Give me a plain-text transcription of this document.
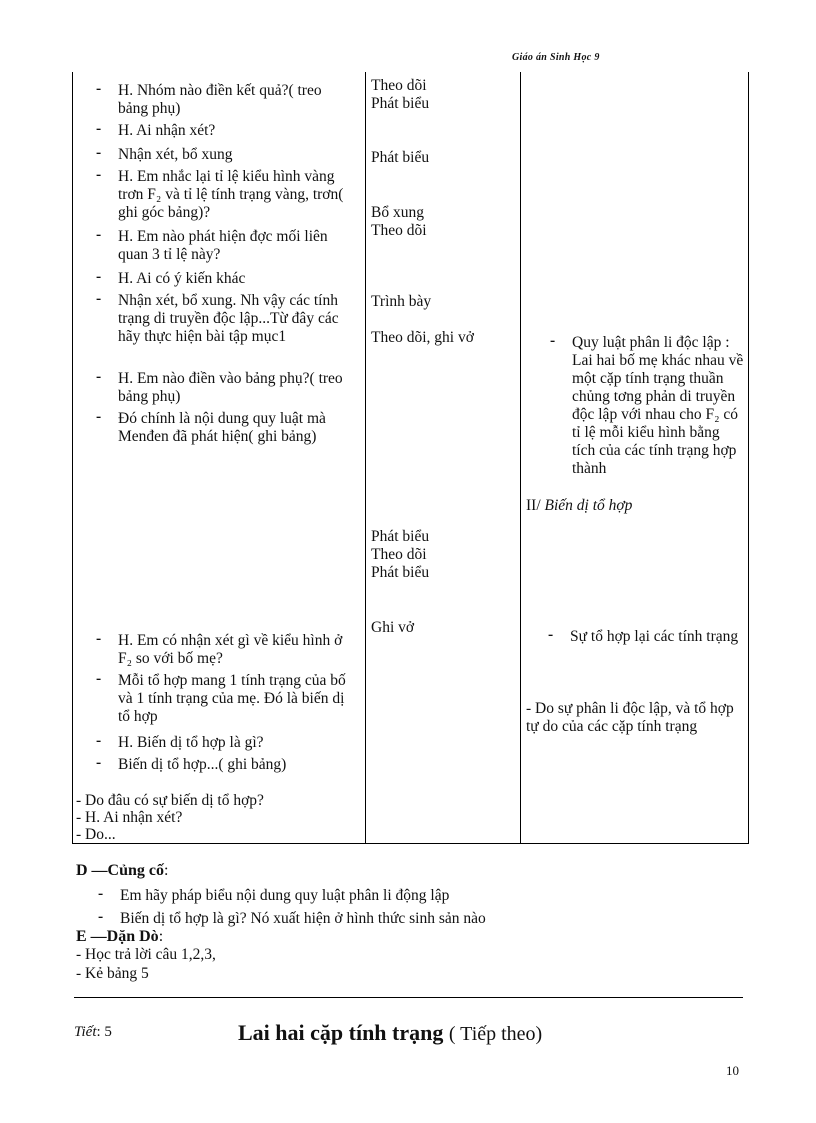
Giáo án Sinh Học 9
- H. Nhóm nào điền kết quả?( treo bảng phụ)
- H. Ai nhận xét?
- Nhận xét, bổ xung
- H. Em nhắc lại tỉ lệ kiểu hình vàng trơn F₂ và tỉ lệ tính trạng vàng, trơn( ghi góc bảng)?
- H. Em nào phát hiện đợc mối liên quan 3 tỉ lệ này?
- H. Ai có ý kiến khác
- Nhận xét, bổ xung. Nh vậy các tính trạng di truyền độc lập...Từ đây các hãy thực hiện bài tập mục1
- H. Em nào điền vào bảng phụ?( treo bảng phụ)
- Đó chính là nội dung quy luật mà Menđen đã phát hiện( ghi bảng)
- H. Em có nhận xét gì về kiểu hình ở F₂ so với bố mẹ?
- Mỗi tổ hợp mang 1 tính trạng của bố và 1 tính trạng của mẹ. Đó là biến dị tổ hợp
- H. Biến dị tổ hợp là gì?
- Biến dị tổ hợp...( ghi bảng)
- Do đâu có sự biến dị tổ hợp?
- H. Ai nhận xét?
- Do...
Theo dõi
Phát biểu
Phát biểu
Bổ xung
Theo dõi
Trình bày
Theo dõi, ghi vở
Phát biểu
Theo dõi
Phát biểu
Ghi vở
- Quy luật phân li độc lập : Lai hai bố mẹ khác nhau về một cặp tính trạng thuần chủng tơng phản di truyền độc lập với nhau cho F₂ có tỉ lệ mỗi kiểu hình bằng tích của các tính trạng hợp thành
II/ Biến dị tổ hợp
- Sự tổ hợp lại các tính trạng
- Do sự phân li độc lập, và tổ hợp tự do của các cặp tính trạng
D —Củng cố:
- Em hãy pháp biểu nội dung quy luật phân li động lập
- Biến dị tổ hợp là gì? Nó xuất hiện ở hình thức sinh sản nào
E —Dặn Dò:
- Học trả lời câu 1,2,3,
- Kẻ bảng 5
Tiết: 5	Lai hai cặp tính trạng ( Tiếp theo)
10
